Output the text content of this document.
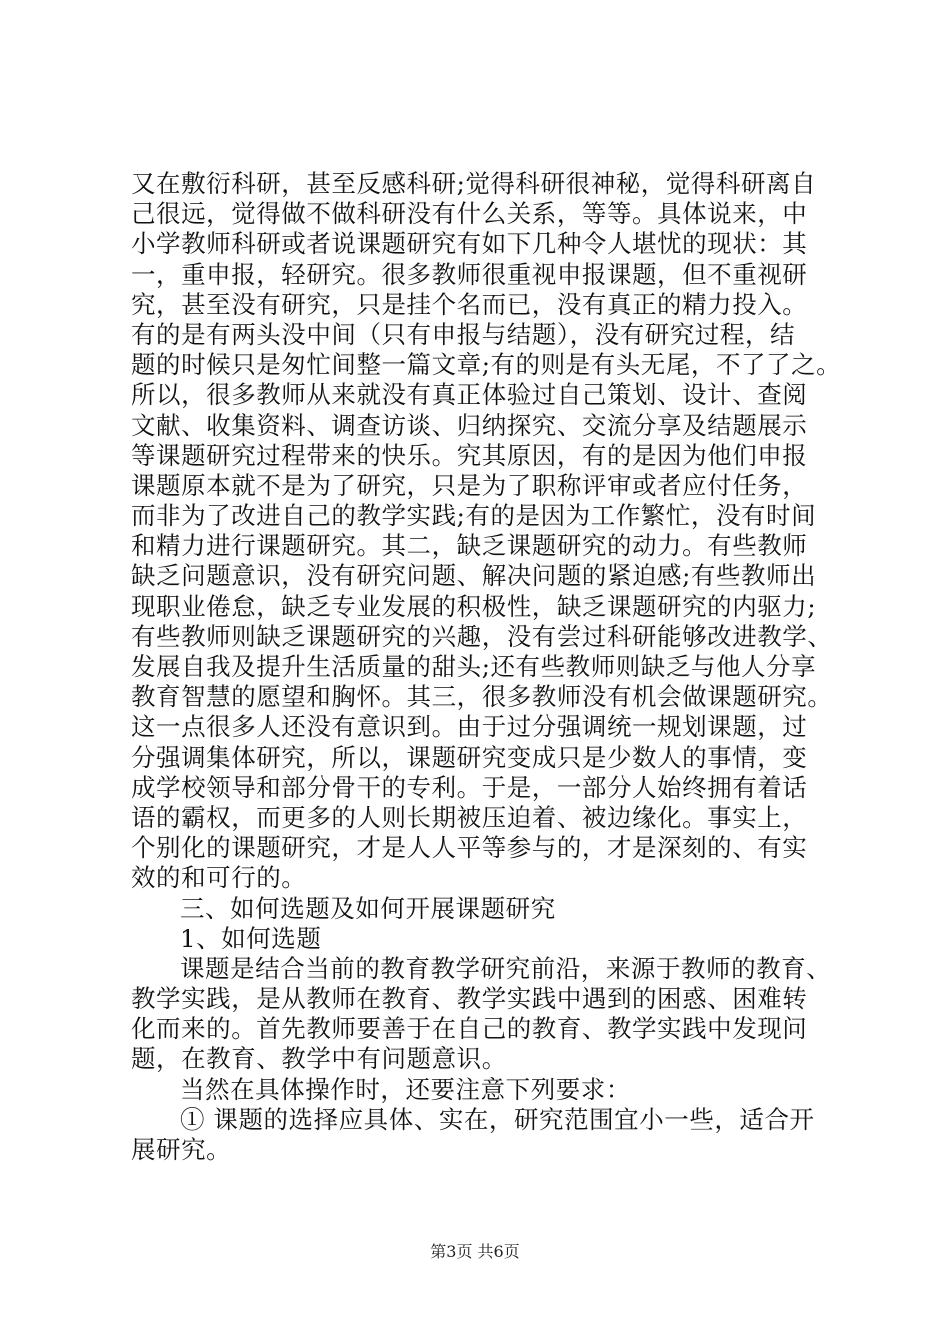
又在敷衍科研，甚至反感科研;觉得科研很神秘，觉得科研离自
己很远，觉得做不做科研没有什么关系，等等。具体说来，中
小学教师科研或者说课题研究有如下几种令人堪忧的现状：其
一，重申报，轻研究。很多教师很重视申报课题，但不重视研
究，甚至没有研究，只是挂个名而已，没有真正的精力投入。
有的是有两头没中间（只有申报与结题），没有研究过程，结
题的时候只是匆忙间整一篇文章;有的则是有头无尾，不了了之。
所以，很多教师从来就没有真正体验过自己策划、设计、查阅
文献、收集资料、调查访谈、归纳探究、交流分享及结题展示
等课题研究过程带来的快乐。究其原因，有的是因为他们申报
课题原本就不是为了研究，只是为了职称评审或者应付任务，
而非为了改进自己的教学实践;有的是因为工作繁忙，没有时间
和精力进行课题研究。其二，缺乏课题研究的动力。有些教师
缺乏问题意识，没有研究问题、解决问题的紧迫感;有些教师出
现职业倦怠，缺乏专业发展的积极性，缺乏课题研究的内驱力;
有些教师则缺乏课题研究的兴趣，没有尝过科研能够改进教学、
发展自我及提升生活质量的甜头;还有些教师则缺乏与他人分享
教育智慧的愿望和胸怀。其三，很多教师没有机会做课题研究。
这一点很多人还没有意识到。由于过分强调统一规划课题，过
分强调集体研究，所以，课题研究变成只是少数人的事情，变
成学校领导和部分骨干的专利。于是，一部分人始终拥有着话
语的霸权，而更多的人则长期被压迫着、被边缘化。事实上，
个别化的课题研究，才是人人平等参与的，才是深刻的、有实
效的和可行的。
三、如何选题及如何开展课题研究
1、如何选题
课题是结合当前的教育教学研究前沿，来源于教师的教育、
教学实践，是从教师在教育、教学实践中遇到的困惑、困难转
化而来的。首先教师要善于在自己的教育、教学实践中发现问
题，在教育、教学中有问题意识。
当然在具体操作时，还要注意下列要求：
① 课题的选择应具体、实在，研究范围宜小一些，适合开
展研究。
第3页 共6页
